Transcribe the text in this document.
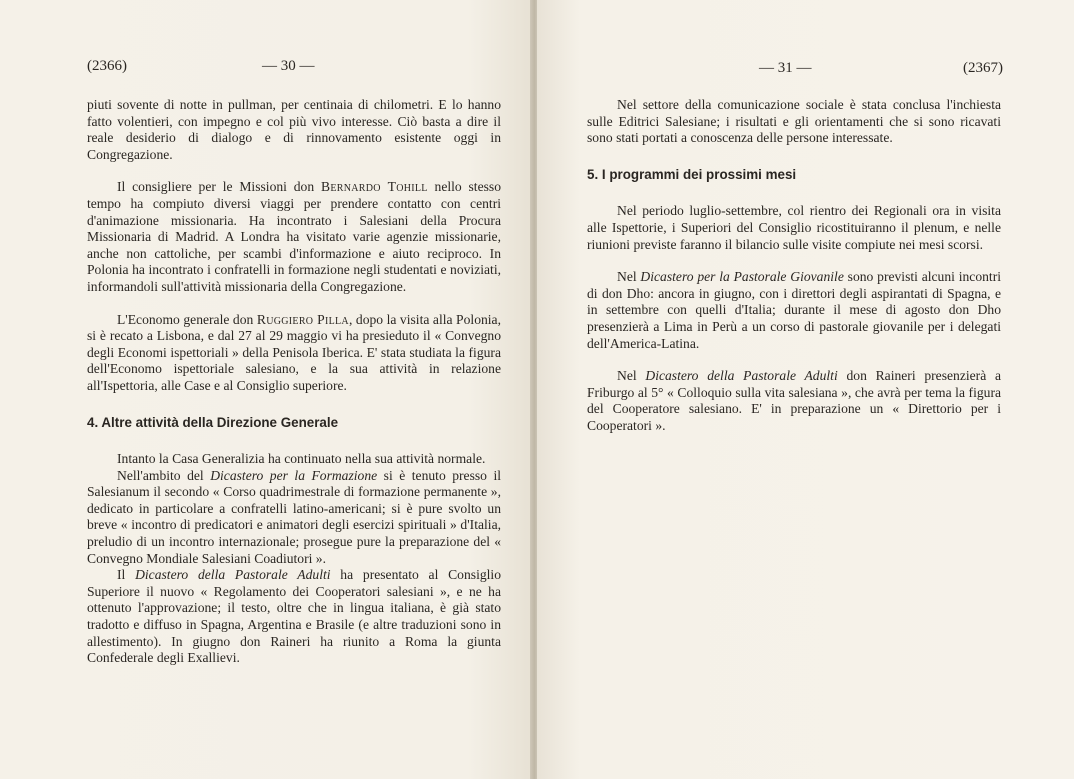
(2366)	— 30 —

piuti sovente di notte in pullman, per centinaia di chilometri. E lo hanno fatto volentieri, con impegno e col più vivo interesse. Ciò basta a dire il reale desiderio di dialogo e di rinnovamento esistente oggi in Congregazione.

Il consigliere per le Missioni don Bernardo Tohill nello stesso tempo ha compiuto diversi viaggi per prendere contatto con centri d'animazione missionaria. Ha incontrato i Salesiani della Procura Missionaria di Madrid. A Londra ha visitato varie agenzie missionarie, anche non cattoliche, per scambi d'informazione e aiuto reciproco. In Polonia ha incontrato i confratelli in formazione negli studentati e noviziati, informandoli sull'attività missionaria della Congregazione.

L'Economo generale don Ruggiero Pilla, dopo la visita alla Polonia, si è recato a Lisbona, e dal 27 al 29 maggio vi ha presieduto il « Convegno degli Economi ispettoriali » della Penisola Iberica. E' stata studiata la figura dell'Economo ispettoriale salesiano, e la sua attività in relazione all'Ispettoria, alle Case e al Consiglio superiore.

4. Altre attività della Direzione Generale

Intanto la Casa Generalizia ha continuato nella sua attività normale.

Nell'ambito del Dicastero per la Formazione si è tenuto presso il Salesianum il secondo « Corso quadrimestrale di formazione permanente », dedicato in particolare a confratelli latino-americani; si è pure svolto un breve « incontro di predicatori e animatori degli esercizi spirituali » d'Italia, preludio di un incontro internazionale; prosegue pure la preparazione del « Convegno Mondiale Salesiani Coadiutori ».

Il Dicastero della Pastorale Adulti ha presentato al Consiglio Superiore il nuovo « Regolamento dei Cooperatori salesiani », e ne ha ottenuto l'approvazione; il testo, oltre che in lingua italiana, è già stato tradotto e diffuso in Spagna, Argentina e Brasile (e altre traduzioni sono in allestimento). In giugno don Raineri ha riunito a Roma la giunta Confederale degli Exallievi.

— 31 —	(2367)

Nel settore della comunicazione sociale è stata conclusa l'inchiesta sulle Editrici Salesiane; i risultati e gli orientamenti che si sono ricavati sono stati portati a conoscenza delle persone interessate.

5. I programmi dei prossimi mesi

Nel periodo luglio-settembre, col rientro dei Regionali ora in visita alle Ispettorie, i Superiori del Consiglio ricostituiranno il plenum, e nelle riunioni previste faranno il bilancio sulle visite compiute nei mesi scorsi.

Nel Dicastero per la Pastorale Giovanile sono previsti alcuni incontri di don Dho: ancora in giugno, con i direttori degli aspirantati di Spagna, e in settembre con quelli d'Italia; durante il mese di agosto don Dho presenzierà a Lima in Perù a un corso di pastorale giovanile per i delegati dell'America-Latina.

Nel Dicastero della Pastorale Adulti don Raineri presenzierà a Friburgo al 5° « Colloquio sulla vita salesiana », che avrà per tema la figura del Cooperatore salesiano. E' in preparazione un « Direttorio per i Cooperatori ».
